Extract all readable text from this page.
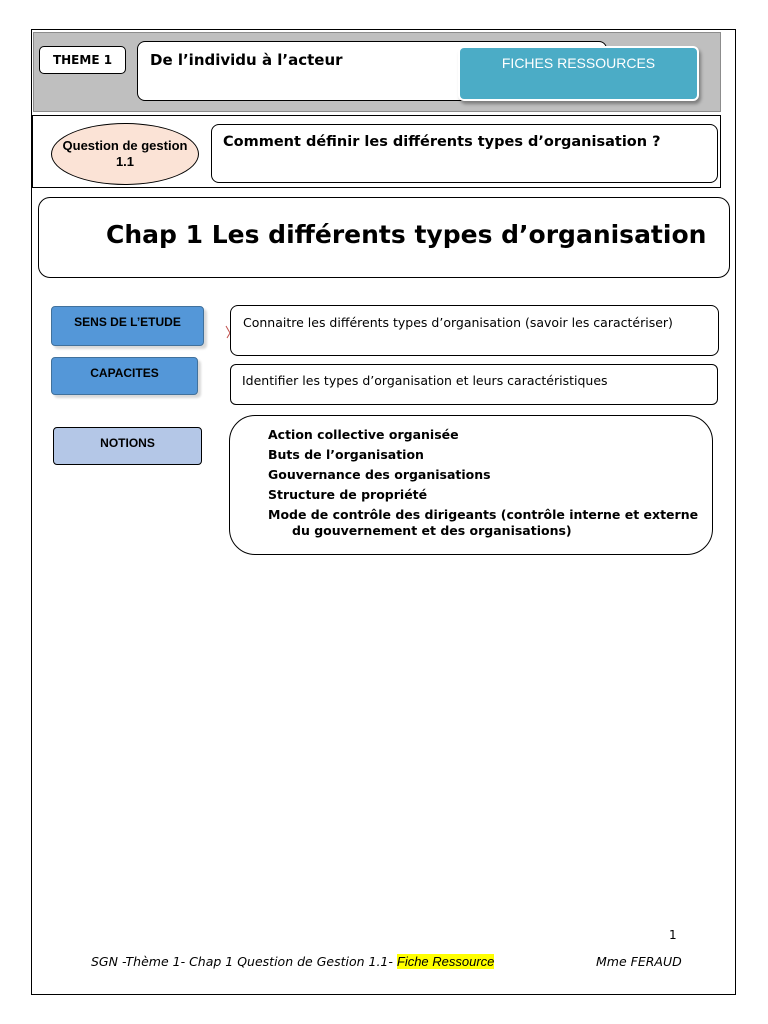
THEME 1	De l’individu à l’acteur	FICHES RESSOURCES
Question de gestion 1.1
Comment définir les différents types d’organisation ?
Chap 1 Les différents types d’organisation
SENS DE L’ETUDE	Connaitre les différents types d’organisation (savoir les caractériser)
CAPACITES	Identifier les types d’organisation et leurs caractéristiques
NOTIONS
Action collective organisée
Buts de l’organisation
Gouvernance des organisations
Structure de propriété
Mode de contrôle des dirigeants (contrôle interne et externe du gouvernement et des organisations)
1
SGN -Thème 1- Chap 1 Question de Gestion 1.1- Fiche Ressource	Mme FERAUD
